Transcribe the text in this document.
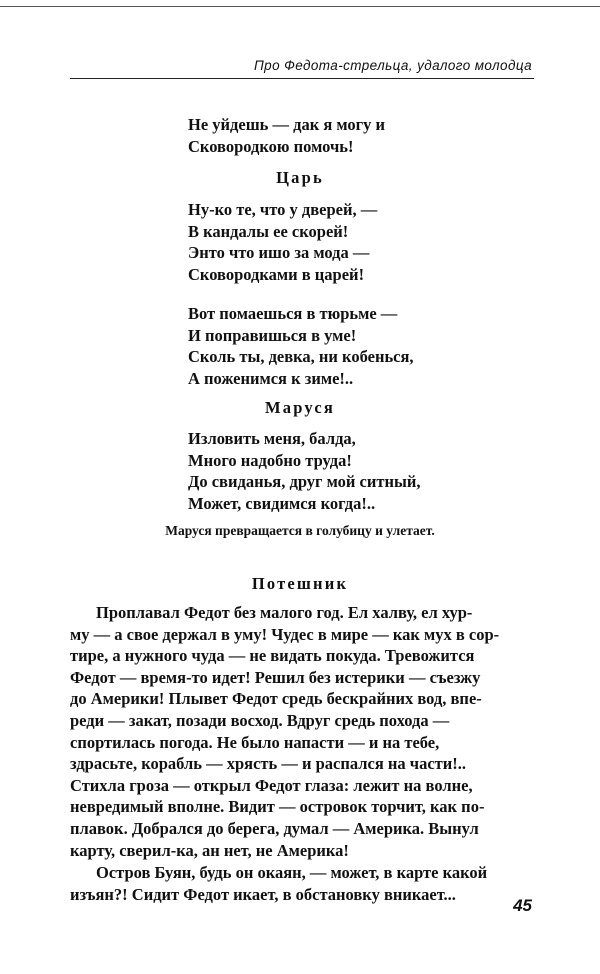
Про Федота-стрельца, удалого молодца
Не уйдешь — дак я могу и
Сковородкою помочь!
Царь
Ну-ко те, что у дверей, —
В кандалы ее скорей!
Энто что ишо за мода —
Сковородками в царей!
Вот помаешься в тюрьме —
И поправишься в уме!
Сколь ты, девка, ни кобенься,
А поженимся к зиме!..
Маруся
Изловить меня, балда,
Много надобно труда!
До свиданья, друг мой ситный,
Может, свидимся когда!..
Маруся превращается в голубицу и улетает.
Потешник
Проплавал Федот без малого год. Ел халву, ел хур-
му — а свое держал в уму! Чудес в мире — как мух в сор-
тире, а нужного чуда — не видать покуда. Тревожится
Федот — время-то идет! Решил без истерики — съезжу
до Америки! Плывет Федот средь бескрайних вод, впе-
реди — закат, позади восход. Вдруг средь похода —
спортилась погода. Не было напасти — и на тебе,
здрасьте, корабль — хрясть — и распался на части!..
Стихла гроза — открыл Федот глаза: лежит на волне,
невредимый вполне. Видит — островок торчит, как по-
плавок. Добрался до берега, думал — Америка. Вынул
карту, сверил-ка, ан нет, не Америка!
Остров Буян, будь он окаян, — может, в карте какой
изъян?! Сидит Федот икает, в обстановку вникает...
45
